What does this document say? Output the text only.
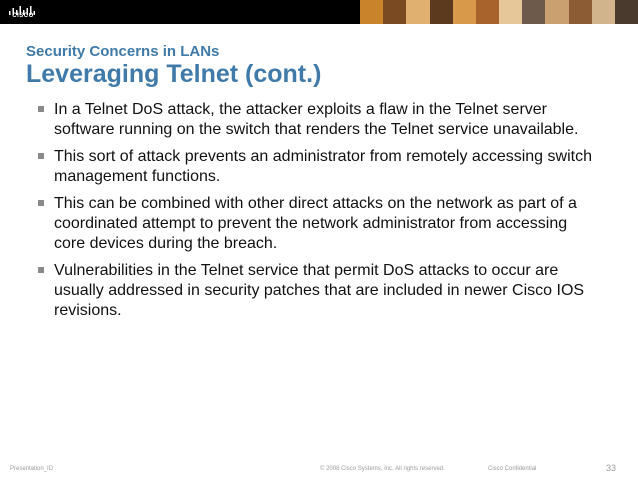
CISCO
Security Concerns in LANs
Leveraging Telnet (cont.)
In a Telnet DoS attack, the attacker exploits a flaw in the Telnet server software running on the switch that renders the Telnet service unavailable.
This sort of attack prevents an administrator from remotely accessing switch management functions.
This can be combined with other direct attacks on the network as part of a coordinated attempt to prevent the network administrator from accessing core devices during the breach.
Vulnerabilities in the Telnet service that permit DoS attacks to occur are usually addressed in security patches that are included in newer Cisco IOS revisions.
Presentation_ID	© 2008 Cisco Systems, Inc. All rights reserved.	Cisco Confidential	33
